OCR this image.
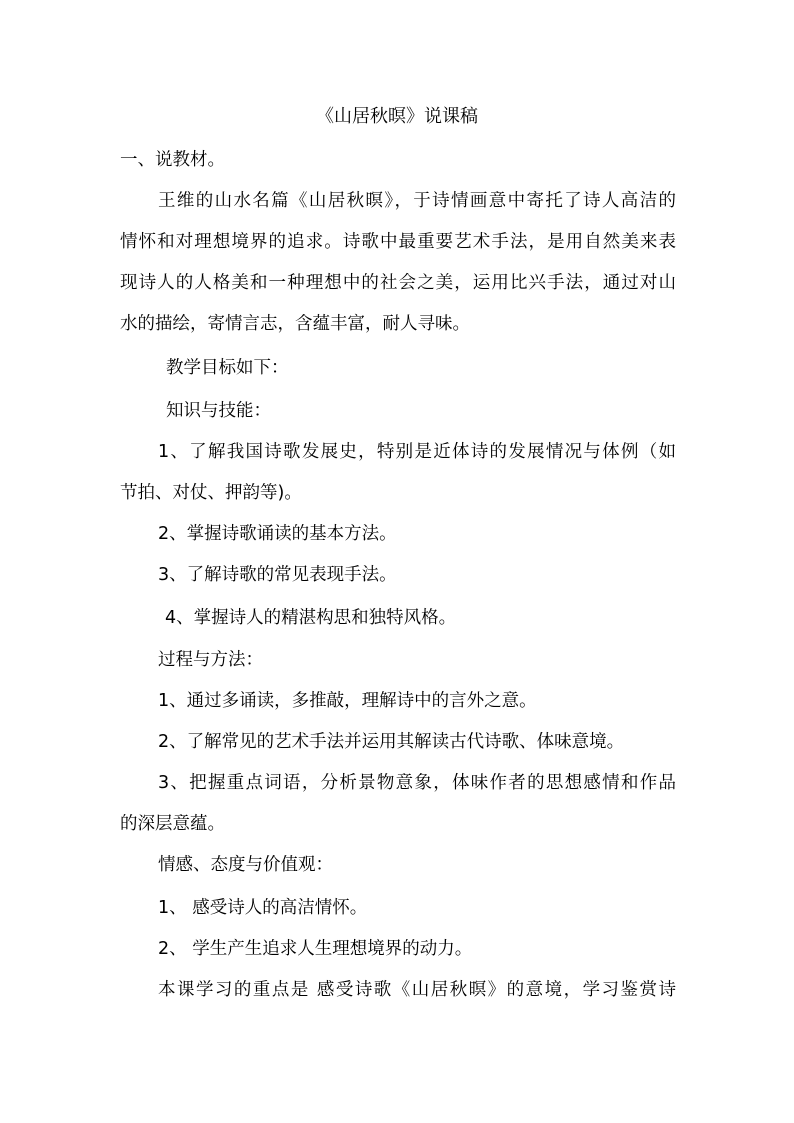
《山居秋暝》说课稿
一、说教材。
王维的山水名篇《山居秋暝》，于诗情画意中寄托了诗人高洁的
情怀和对理想境界的追求。诗歌中最重要艺术手法，是用自然美来表
现诗人的人格美和一种理想中的社会之美，运用比兴手法，通过对山
水的描绘，寄情言志，含蕴丰富，耐人寻味。
教学目标如下：
知识与技能：
1、了解我国诗歌发展史，特别是近体诗的发展情况与体例（如
节拍、对仗、押韵等)。
2、掌握诗歌诵读的基本方法。
3、了解诗歌的常见表现手法。
4、掌握诗人的精湛构思和独特风格。
过程与方法：
1、通过多诵读，多推敲，理解诗中的言外之意。
2、了解常见的艺术手法并运用其解读古代诗歌、体味意境。
3、把握重点词语，分析景物意象，体味作者的思想感情和作品
的深层意蕴。
情感、态度与价值观：
1、 感受诗人的高洁情怀。
2、 学生产生追求人生理想境界的动力。
本课学习的重点是 感受诗歌《山居秋暝》的意境，学习鉴赏诗
